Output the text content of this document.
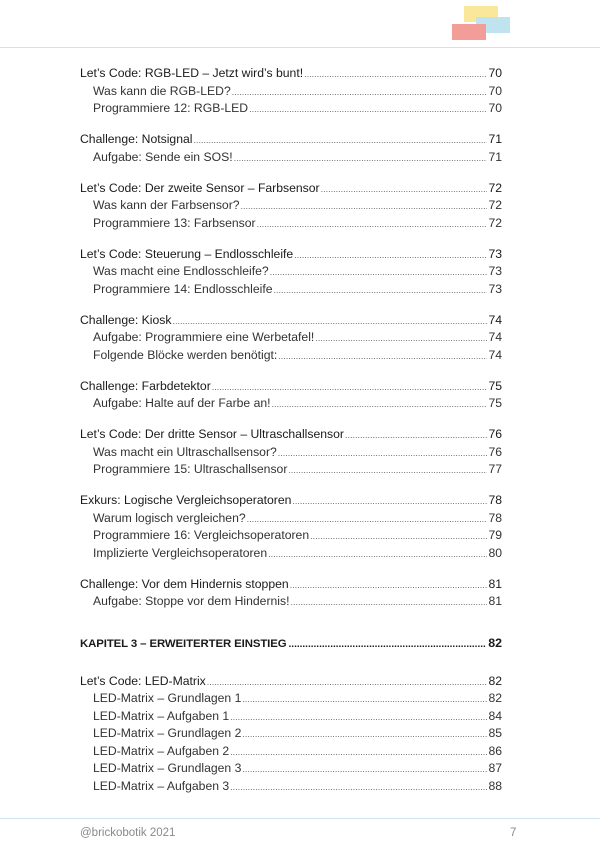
Let’s Code: RGB-LED – Jetzt wird’s bunt! .....	70
Was kann die RGB-LED? .....	70
Programmiere 12: RGB-LED .....	70
Challenge: Notsignal .....	71
Aufgabe: Sende ein SOS! .....	71
Let’s Code: Der zweite Sensor – Farbsensor .....	72
Was kann der Farbsensor? .....	72
Programmiere 13: Farbsensor .....	72
Let’s Code: Steuerung – Endlosschleife .....	73
Was macht eine Endlosschleife? .....	73
Programmiere 14: Endlosschleife .....	73
Challenge: Kiosk .....	74
Aufgabe: Programmiere eine Werbetafel! .....	74
Folgende Blöcke werden benötigt: .....	74
Challenge: Farbdetektor .....	75
Aufgabe: Halte auf der Farbe an! .....	75
Let’s Code: Der dritte Sensor – Ultraschallsensor .....	76
Was macht ein Ultraschallsensor? .....	76
Programmiere 15: Ultraschallsensor .....	77
Exkurs: Logische Vergleichsoperatoren .....	78
Warum logisch vergleichen? .....	78
Programmiere 16: Vergleichsoperatoren .....	79
Implizierte Vergleichsoperatoren .....	80
Challenge: Vor dem Hindernis stoppen .....	81
Aufgabe: Stoppe vor dem Hindernis! .....	81
KAPITEL 3 – ERWEITERTER EINSTIEG .....	82
Let’s Code: LED-Matrix .....	82
LED-Matrix – Grundlagen 1 .....	82
LED-Matrix – Aufgaben 1 .....	84
LED-Matrix – Grundlagen 2 .....	85
LED-Matrix – Aufgaben 2 .....	86
LED-Matrix – Grundlagen 3 .....	87
LED-Matrix – Aufgaben 3 .....	88
@brickobotik 2021	7
